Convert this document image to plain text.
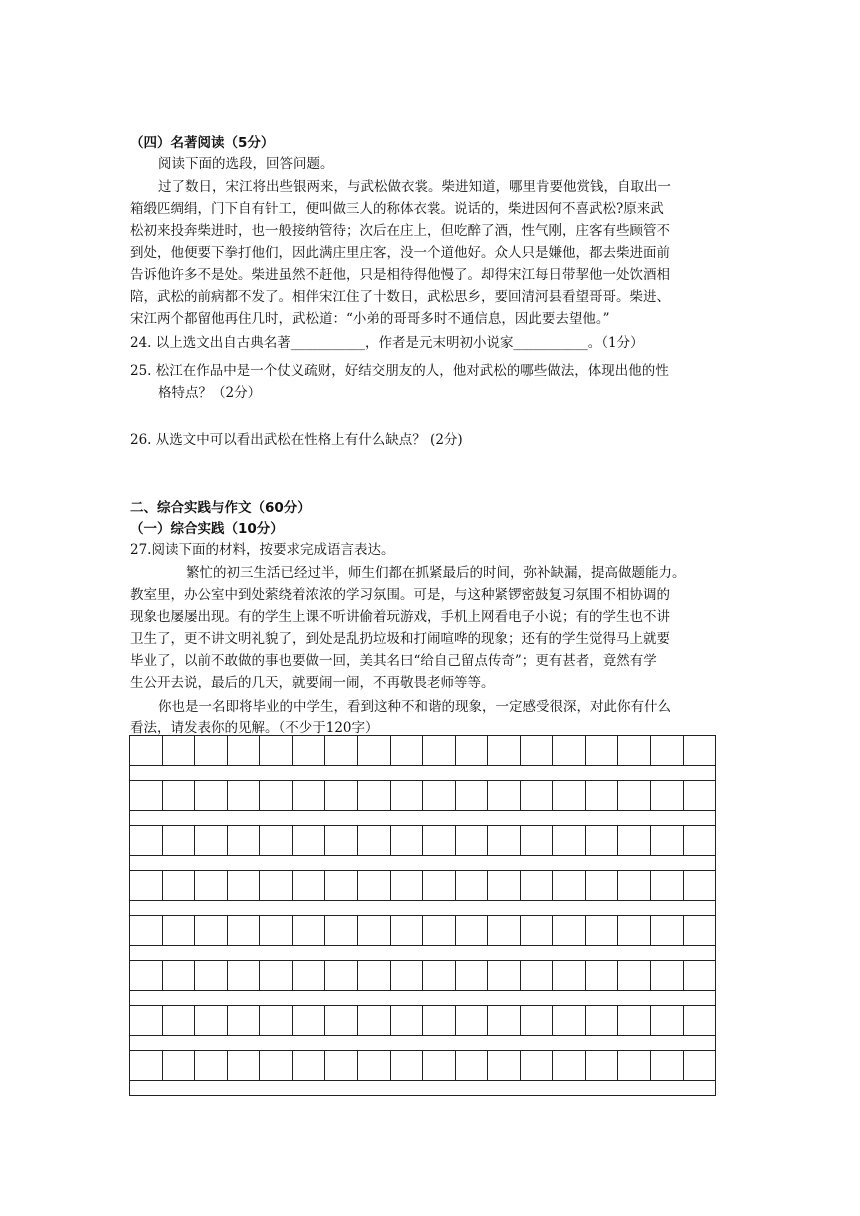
（四）名著阅读（5分）
阅读下面的选段，回答问题。
过了数日，宋江将出些银两来，与武松做衣裳。柴进知道，哪里肯要他赏钱，自取出一
箱缎匹绸绢，门下自有针工，便叫做三人的称体衣裳。说话的，柴进因何不喜武松?原来武
松初来投奔柴进时，也一般接纳管待；次后在庄上，但吃醉了酒，性气刚，庄客有些顾管不
到处，他便要下拳打他们，因此满庄里庄客，没一个道他好。众人只是嫌他，都去柴进面前
告诉他许多不是处。柴进虽然不赶他，只是相待得他慢了。却得宋江每日带挈他一处饮酒相
陪，武松的前病都不发了。相伴宋江住了十数日，武松思乡，要回清河县看望哥哥。柴进、
宋江两个都留他再住几时，武松道：“小弟的哥哥多时不通信息，因此要去望他。”
24. 以上选文出自古典名著___________，作者是元末明初小说家___________。（1分）
25. 松江在作品中是一个仗义疏财，好结交朋友的人，他对武松的哪些做法，体现出他的性
格特点？（2分）
26. 从选文中可以看出武松在性格上有什么缺点？ (2分)
二、综合实践与作文（60分）
（一）综合实践（10分）
27.阅读下面的材料，按要求完成语言表达。
繁忙的初三生活已经过半，师生们都在抓紧最后的时间，弥补缺漏，提高做题能力。
教室里，办公室中到处萦绕着浓浓的学习氛围。可是，与这种紧锣密鼓复习氛围不相协调的
现象也屡屡出现。有的学生上课不听讲偷着玩游戏，手机上网看电子小说；有的学生也不讲
卫生了，更不讲文明礼貌了，到处是乱扔垃圾和打闹喧哗的现象；还有的学生觉得马上就要
毕业了，以前不敢做的事也要做一回，美其名曰“给自己留点传奇”；更有甚者，竟然有学
生公开去说，最后的几天，就要闹一闹，不再敬畏老师等等。
你也是一名即将毕业的中学生，看到这种不和谐的现象，一定感受很深，对此你有什么
看法，请发表你的见解。（不少于120字）
